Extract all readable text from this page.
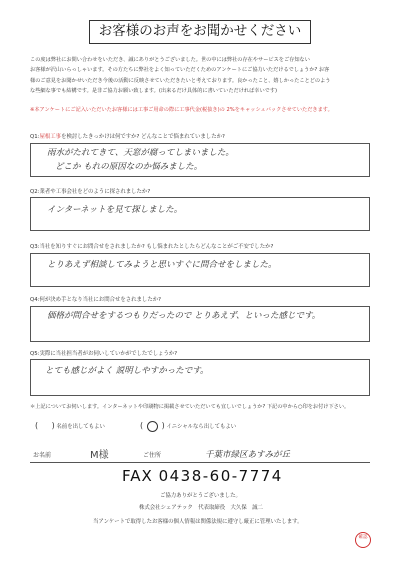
お客様のお声をお聞かせください
この度は弊社にお問い合わせをいただき、誠にありがとうございました。世の中には弊社の存在やサービスをご存知ない
お客様が沢山いらっしゃいます。その方たちに弊社をよく知っていただくためのアンケートにご協力いただけるでしょうか? お客
様のご意見をお聞かせいただき今後の活動に反映させていただきたいと考えております。良かったこと、嬉しかったことどのよう
な些細な事でも結構です。是非ご協力お願い致します。(出来るだけ具体的に書いていただければ幸いです)
※本アンケートにご記入いただいたお客様には工事ご用命の際に工事代金(税抜き)の 2%をキャッシュバックさせていただきます。
Q1:屋根工事を検討したきっかけは何ですか? どんなことで悩まれていましたか?
雨水がたれてきて、天窓が腐ってしまいました。
どこか もれの原因なのか悩みました。
Q2:業者や工事会社をどのように探されましたか?
インターネットを見て探しました。
Q3:当社を知りすぐにお問合せをされましたか? もし悩まれたとしたらどんなことがご不安でしたか?
とりあえず相談してみようと思いすぐに問合せをしました。
Q4:何が決め手となり当社にお問合せをされましたか?
価格が問合せをするつもりだったので とりあえず、といった感じです。
Q5:実際に当社担当者がお伺いしていかがでしたでしょうか?
とても感じがよく 説明しやすかったです。
＊上記についてお伺いします。インターネットや印刷物に掲載させていただいても宜しいでしょうか? 下記の中から○印をお付け下さい。
( ) 名前を出してもよい	( ) イニシャルなら出してもよい
お名前	M様	ご住所	千葉市緑区あすみが丘
FAX 0438-60-7774
ご協力ありがとうございました。
株式会社シェアテック　代表取締役　大久保　誠二
当アンケートで取得したお客様の個人情報は関係法規に遵守し厳正に管理いたします。
確認
